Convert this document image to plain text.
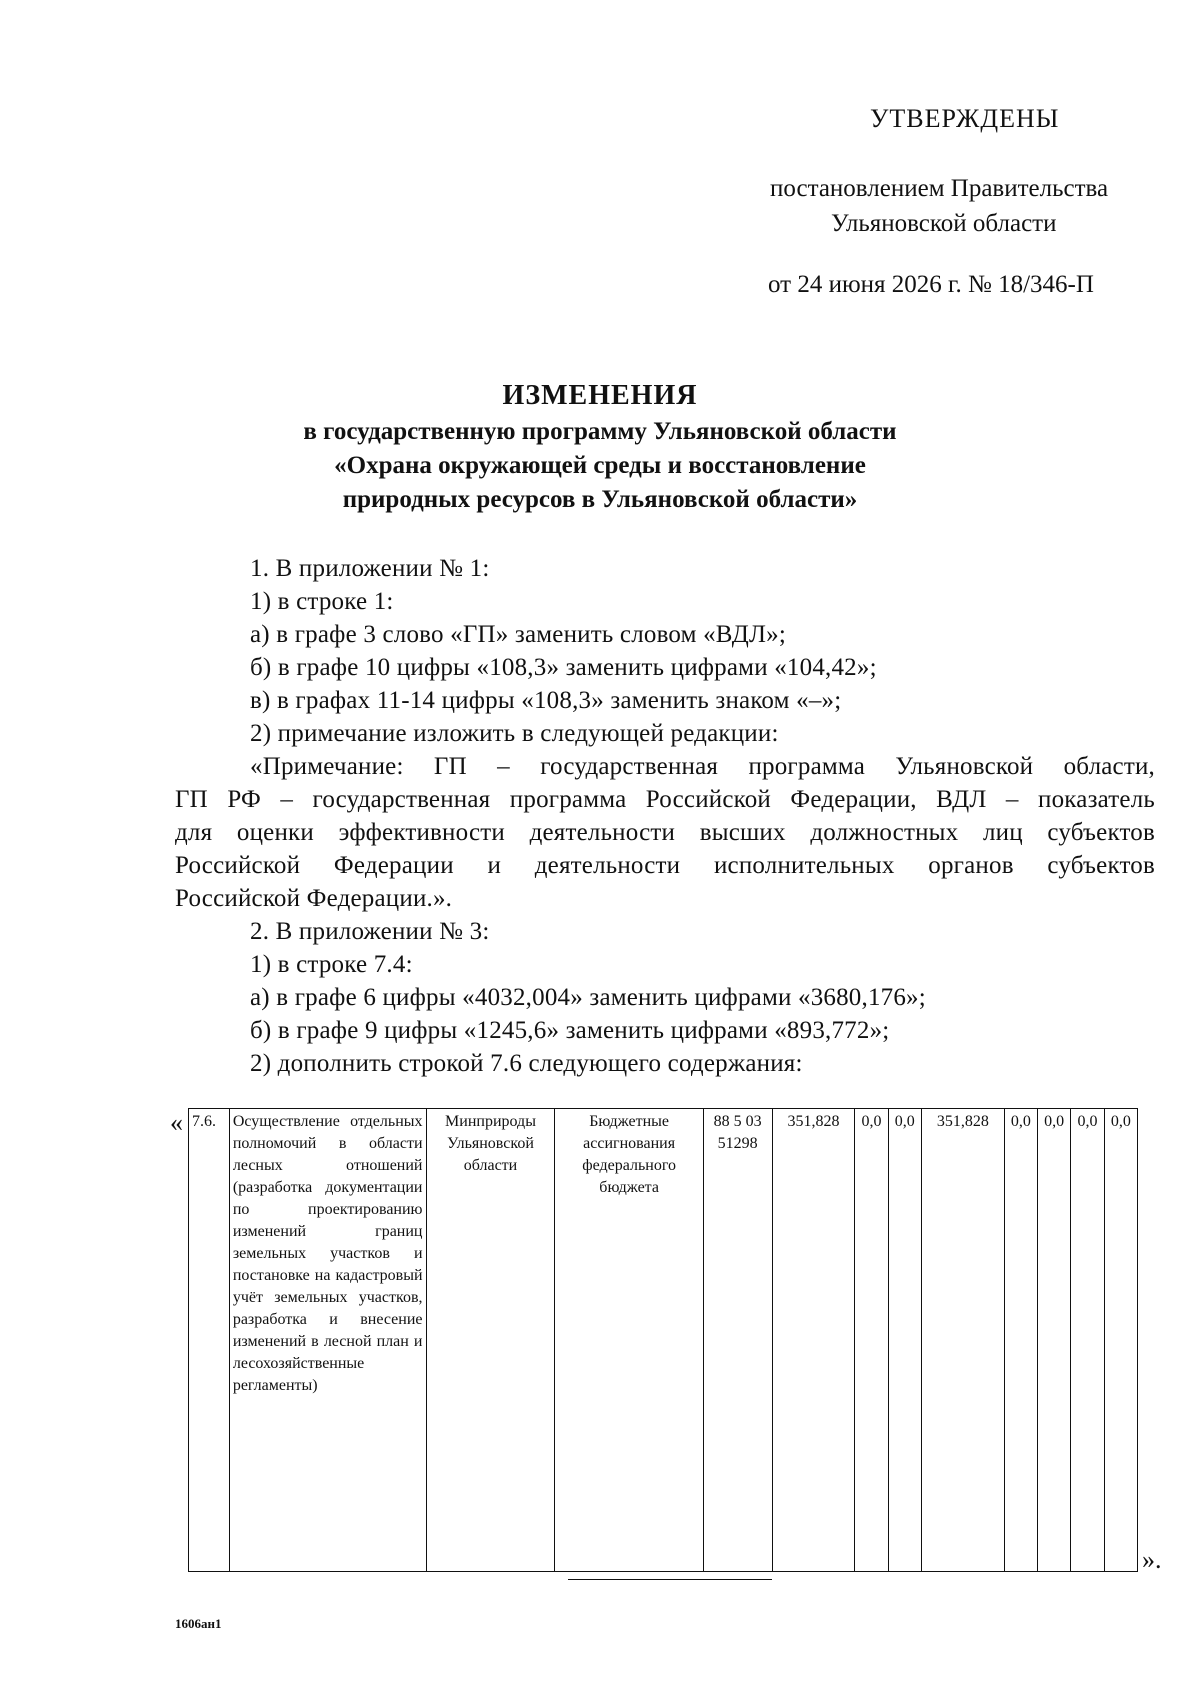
УТВЕРЖДЕНЫ
постановлением Правительства
Ульяновской области
от 24 июня 2026 г. № 18/346-П
ИЗМЕНЕНИЯ
в государственную программу Ульяновской области
«Охрана окружающей среды и восстановление
природных ресурсов в Ульяновской области»
1. В приложении № 1:
1) в строке 1:
а) в графе 3 слово «ГП» заменить словом «ВДЛ»;
б) в графе 10 цифры «108,3» заменить цифрами «104,42»;
в) в графах 11-14 цифры «108,3» заменить знаком «–»;
2) примечание изложить в следующей редакции:
«Примечание: ГП – государственная программа Ульяновской области,
ГП РФ – государственная программа Российской Федерации, ВДЛ – показатель
для оценки эффективности деятельности высших должностных лиц субъектов
Российской Федерации и деятельности исполнительных органов субъектов
Российской Федерации.».
2. В приложении № 3:
1) в строке 7.4:
а) в графе 6 цифры «4032,004» заменить цифрами «3680,176»;
б) в графе 9 цифры «1245,6» заменить цифрами «893,772»;
2) дополнить строкой 7.6 следующего содержания:
« 7.6.	Осуществление отдельных полномочий в области лесных отношений (разработка документации по проектированию изменений границ земельных участков и постановке на кадастровый учёт земельных участков, разработка и внесение изменений в лесной план и лесохозяйственные регламенты)	Минприроды Ульяновской области	Бюджетные ассигнования федерального бюджета	88 5 03 51298	351,828	0,0	0,0	351,828	0,0	0,0	0,0	0,0
».
1606ан1
